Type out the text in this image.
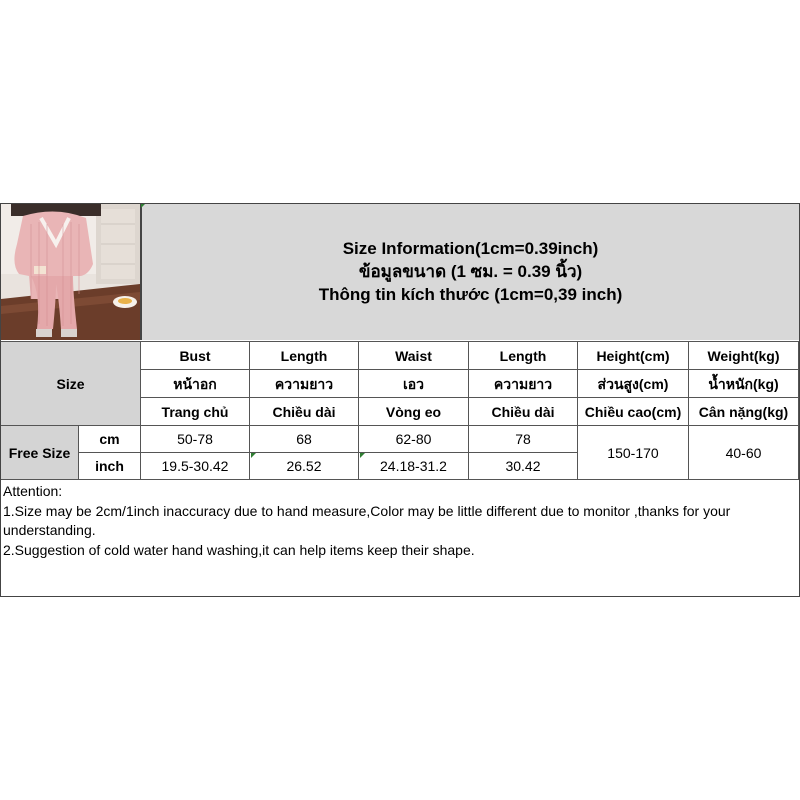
Size Information(1cm=0.39inch)
ข้อมูลขนาด (1 ซม. = 0.39 นิ้ว)
Thông tin kích thước (1cm=0,39 inch)
Size		Bust	Length	Waist	Length	Height(cm)	Weight(kg)
		หน้าอก	ความยาว	เอว	ความยาว	ส่วนสูง(cm)	น้ำหนัก(kg)
		Trang chủ	Chiều dài	Vòng eo	Chiều dài	Chiều cao(cm)	Cân nặng(kg)
Free Size	cm	50-78	68	62-80	78	150-170	40-60
	inch	19.5-30.42	26.52	24.18-31.2	30.42		
Attention:
1.Size may be 2cm/1inch inaccuracy due to hand measure,Color may be little different due to monitor ,thanks for your understanding.
2.Suggestion of cold water hand washing,it can help items keep their shape.
